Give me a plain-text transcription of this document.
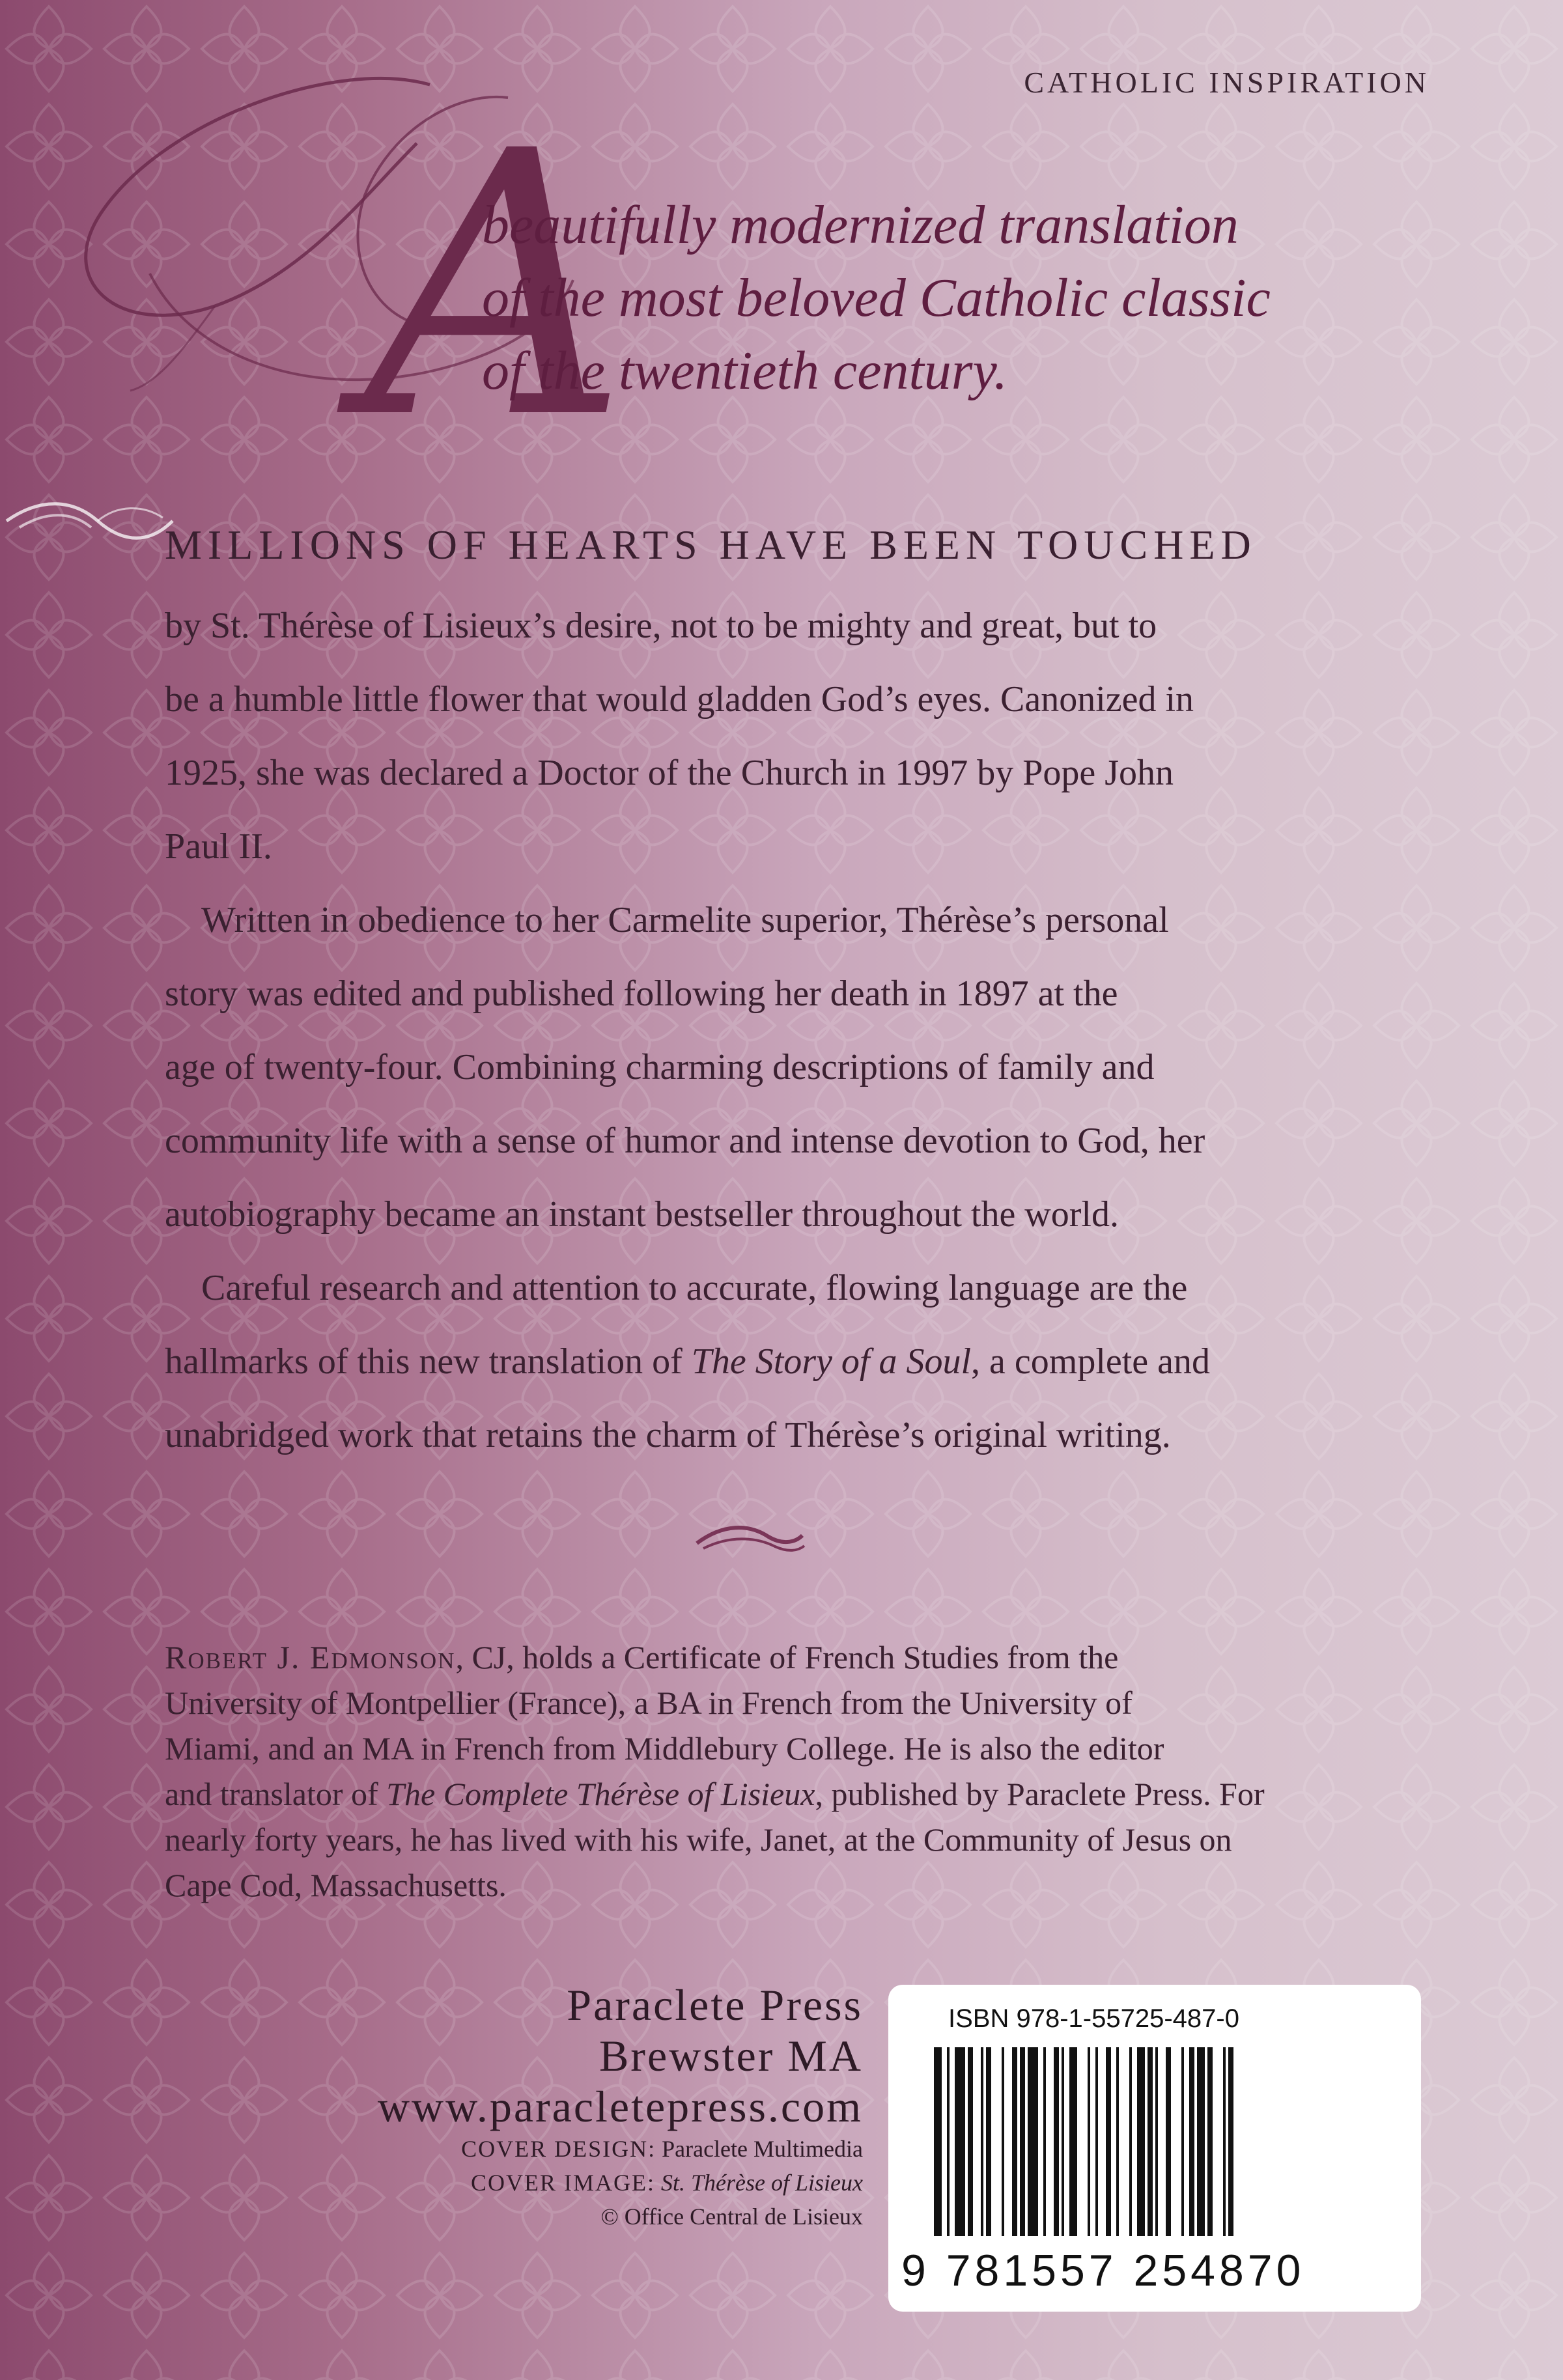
CATHOLIC INSPIRATION
A
beautifully modernized translation
of the most beloved Catholic classic
of the twentieth century.
MILLIONS OF HEARTS HAVE BEEN TOUCHED

by St. Thérèse of Lisieux’s desire, not to be mighty and great, but to
be a humble little flower that would gladden God’s eyes. Canonized in
1925, she was declared a Doctor of the Church in 1997 by Pope John
Paul II.

Written in obedience to her Carmelite superior, Thérèse’s personal
story was edited and published following her death in 1897 at the
age of twenty-four. Combining charming descriptions of family and
community life with a sense of humor and intense devotion to God, her
autobiography became an instant bestseller throughout the world.

Careful research and attention to accurate, flowing language are the
hallmarks of this new translation of The Story of a Soul, a complete and
unabridged work that retains the charm of Thérèse’s original writing.

Robert J. Edmonson, CJ, holds a Certificate of French Studies from the
University of Montpellier (France), a BA in French from the University of
Miami, and an MA in French from Middlebury College. He is also the editor
and translator of The Complete Thérèse of Lisieux, published by Paraclete Press. For
nearly forty years, he has lived with his wife, Janet, at the Community of Jesus on
Cape Cod, Massachusetts.
Paraclete Press
Brewster MA
www.paracletepress.com
COVER DESIGN: Paraclete Multimedia
COVER IMAGE: St. Thérèse of Lisieux
© Office Central de Lisieux
ISBN 978-1-55725-487-0
9 781557 254870
